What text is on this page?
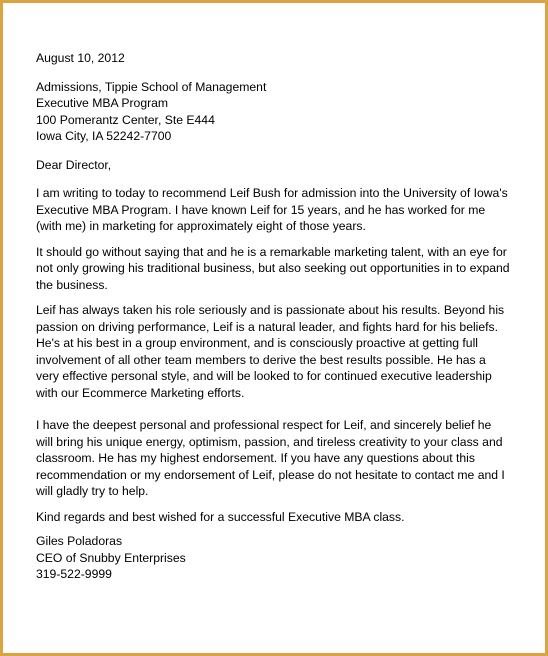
August 10, 2012
Admissions, Tippie School of Management
Executive MBA Program
100 Pomerantz Center, Ste E444
Iowa City, IA 52242-7700
Dear Director,
I am writing to today to recommend Leif Bush for admission into the University of Iowa's
Executive MBA Program. I have known Leif for 15 years, and he has worked for me
(with me) in marketing for approximately eight of those years.
It should go without saying that and he is a remarkable marketing talent, with an eye for
not only growing his traditional business, but also seeking out opportunities in to expand
the business.
Leif has always taken his role seriously and is passionate about his results. Beyond his
passion on driving performance, Leif is a natural leader, and fights hard for his beliefs.
He's at his best in a group environment, and is consciously proactive at getting full
involvement of all other team members to derive the best results possible. He has a
very effective personal style, and will be looked to for continued executive leadership
with our Ecommerce Marketing efforts.
I have the deepest personal and professional respect for Leif, and sincerely belief he
will bring his unique energy, optimism, passion, and tireless creativity to your class and
classroom. He has my highest endorsement. If you have any questions about this
recommendation or my endorsement of Leif, please do not hesitate to contact me and I
will gladly try to help.
Kind regards and best wished for a successful Executive MBA class.
Giles Poladoras
CEO of Snubby Enterprises
319-522-9999
